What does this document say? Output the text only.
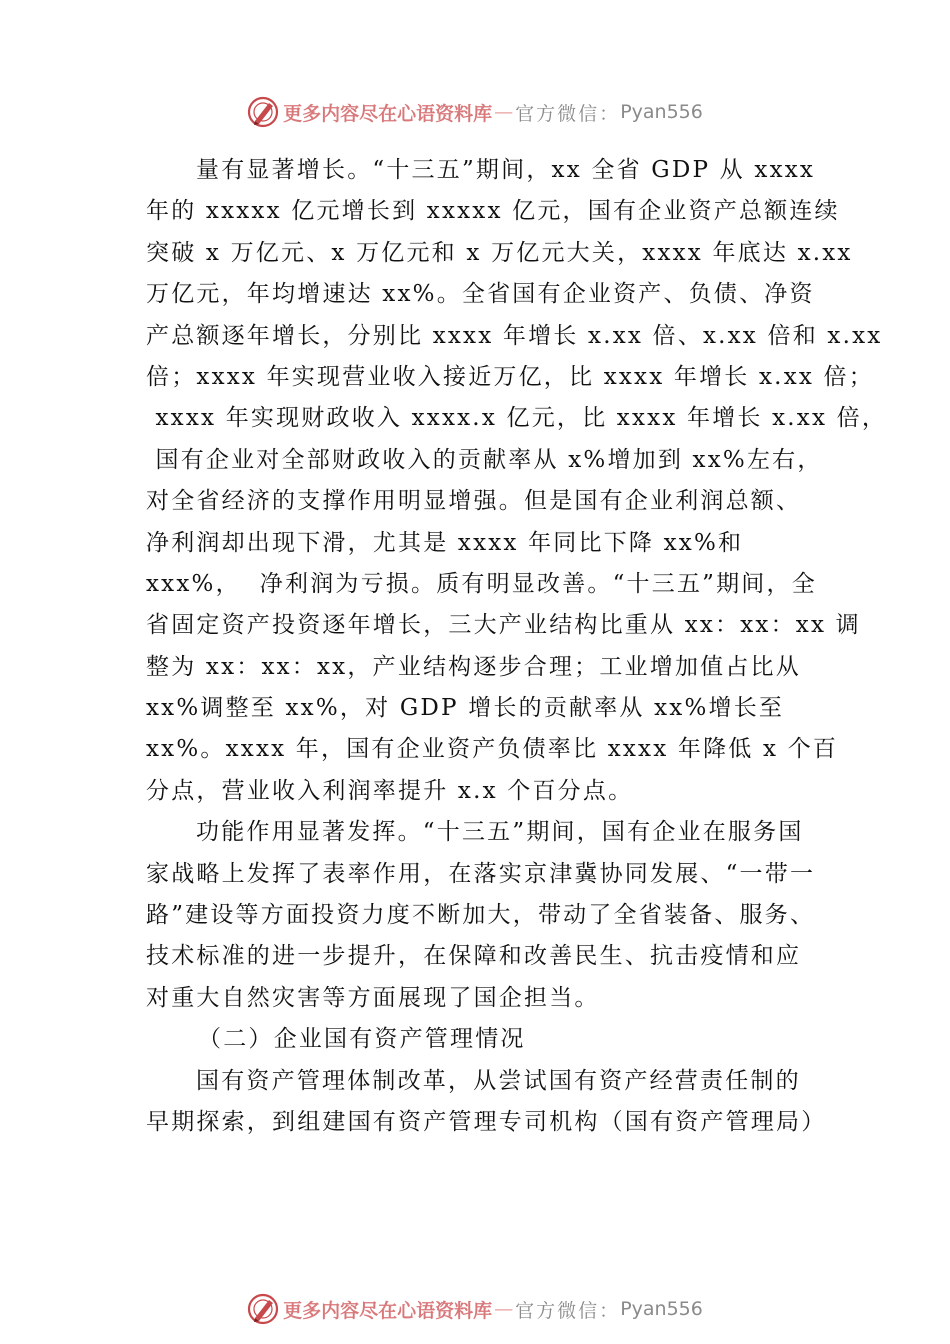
更多内容尽在心语资料库 — 官方微信： Pyan556
量有显著增长。“十三五”期间，xx 全省 GDP 从 xxxx
年的 xxxxx 亿元增长到 xxxxx 亿元，国有企业资产总额连续
突破 x 万亿元、x 万亿元和 x 万亿元大关，xxxx 年底达 x.xx
万亿元，年均增速达 xx%。全省国有企业资产、负债、净资
产总额逐年增长，分别比 xxxx 年增长 x.xx 倍、x.xx 倍和 x.xx
倍；xxxx 年实现营业收入接近万亿，比 xxxx 年增长 x.xx 倍；
xxxx 年实现财政收入 xxxx.x 亿元，比 xxxx 年增长 x.xx 倍，
国有企业对全部财政收入的贡献率从 x%增加到 xx%左右，
对全省经济的支撑作用明显增强。但是国有企业利润总额、
净利润却出现下滑，尤其是 xxxx 年同比下降 xx%和
xxx%，  净利润为亏损。质有明显改善。“十三五”期间，全
省固定资产投资逐年增长，三大产业结构比重从 xx：xx：xx 调
整为 xx：xx：xx，产业结构逐步合理；工业增加值占比从
xx%调整至 xx%，对 GDP 增长的贡献率从 xx%增长至
xx%。xxxx 年，国有企业资产负债率比 xxxx 年降低 x 个百
分点，营业收入利润率提升 x.x 个百分点。
功能作用显著发挥。“十三五”期间，国有企业在服务国
家战略上发挥了表率作用，在落实京津冀协同发展、“一带一
路”建设等方面投资力度不断加大，带动了全省装备、服务、
技术标准的进一步提升，在保障和改善民生、抗击疫情和应
对重大自然灾害等方面展现了国企担当。
（二）企业国有资产管理情况
国有资产管理体制改革，从尝试国有资产经营责任制的
早期探索，到组建国有资产管理专司机构（国有资产管理局）
更多内容尽在心语资料库 — 官方微信： Pyan556
